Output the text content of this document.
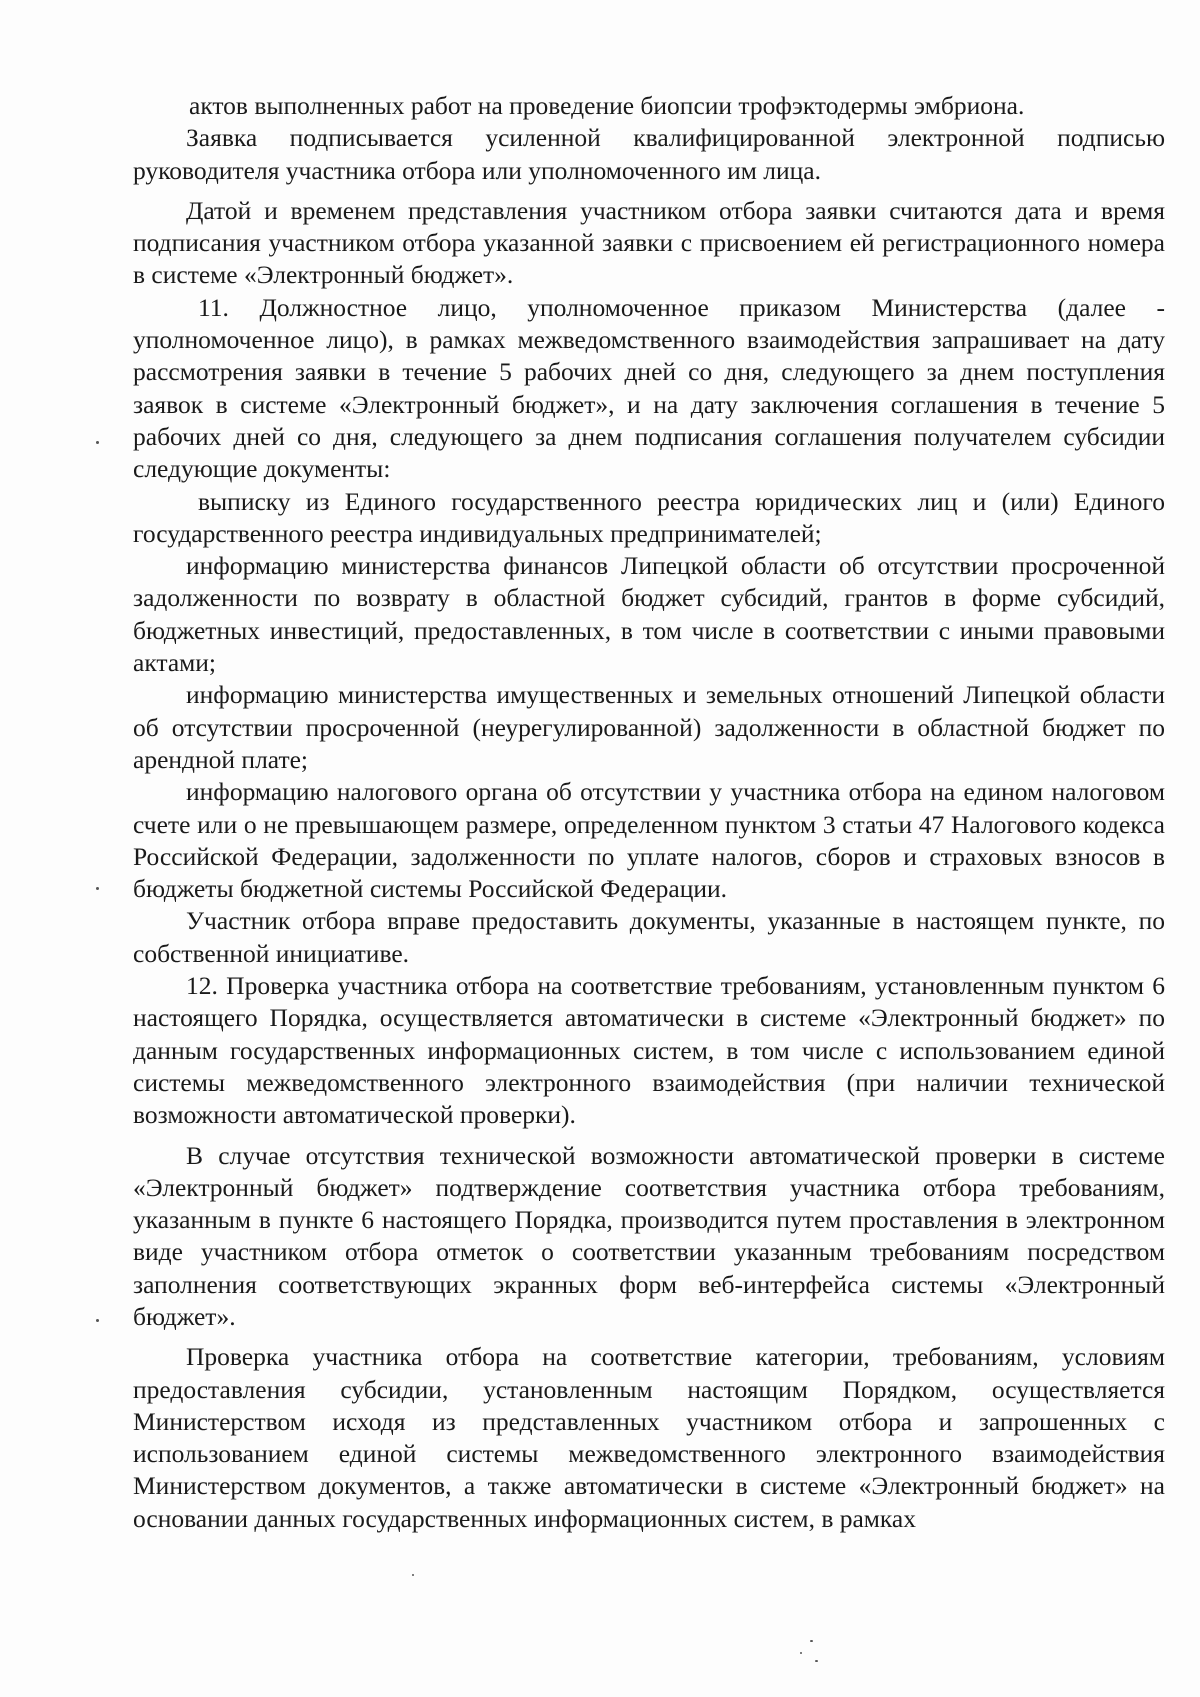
актов выполненных работ на проведение биопсии трофэктодермы эмбриона.

Заявка подписывается усиленной квалифицированной электронной подписью руководителя участника отбора или уполномоченного им лица.

Датой и временем представления участником отбора заявки считаются дата и время подписания участником отбора указанной заявки с присвоением ей регистрационного номера в системе «Электронный бюджет».

11. Должностное лицо, уполномоченное приказом Министерства (далее - уполномоченное лицо), в рамках межведомственного взаимодействия запрашивает на дату рассмотрения заявки в течение 5 рабочих дней со дня, следующего за днем поступления заявок в системе «Электронный бюджет», и на дату заключения соглашения в течение 5 рабочих дней со дня, следующего за днем подписания соглашения получателем субсидии следующие документы:

выписку из Единого государственного реестра юридических лиц и (или) Единого государственного реестра индивидуальных предпринимателей;

информацию министерства финансов Липецкой области об отсутствии просроченной задолженности по возврату в областной бюджет субсидий, грантов в форме субсидий, бюджетных инвестиций, предоставленных, в том числе в соответствии с иными правовыми актами;

информацию министерства имущественных и земельных отношений Липецкой области об отсутствии просроченной (неурегулированной) задолженности в областной бюджет по арендной плате;

информацию налогового органа об отсутствии у участника отбора на едином налоговом счете или о не превышающем размере, определенном пунктом 3 статьи 47 Налогового кодекса Российской Федерации, задолженности по уплате налогов, сборов и страховых взносов в бюджеты бюджетной системы Российской Федерации.

Участник отбора вправе предоставить документы, указанные в настоящем пункте, по собственной инициативе.

12. Проверка участника отбора на соответствие требованиям, установленным пунктом 6 настоящего Порядка, осуществляется автоматически в системе «Электронный бюджет» по данным государственных информационных систем, в том числе с использованием единой системы межведомственного электронного взаимодействия (при наличии технической возможности автоматической проверки).

В случае отсутствия технической возможности автоматической проверки в системе «Электронный бюджет» подтверждение соответствия участника отбора требованиям, указанным в пункте 6 настоящего Порядка, производится путем проставления в электронном виде участником отбора отметок о соответствии указанным требованиям посредством заполнения соответствующих экранных форм веб-интерфейса системы «Электронный бюджет».

Проверка участника отбора на соответствие категории, требованиям, условиям предоставления субсидии, установленным настоящим Порядком, осуществляется Министерством исходя из представленных участником отбора и запрошенных с использованием единой системы межведомственного электронного взаимодействия Министерством документов, а также автоматически в системе «Электронный бюджет» на основании данных государственных информационных систем, в рамках
